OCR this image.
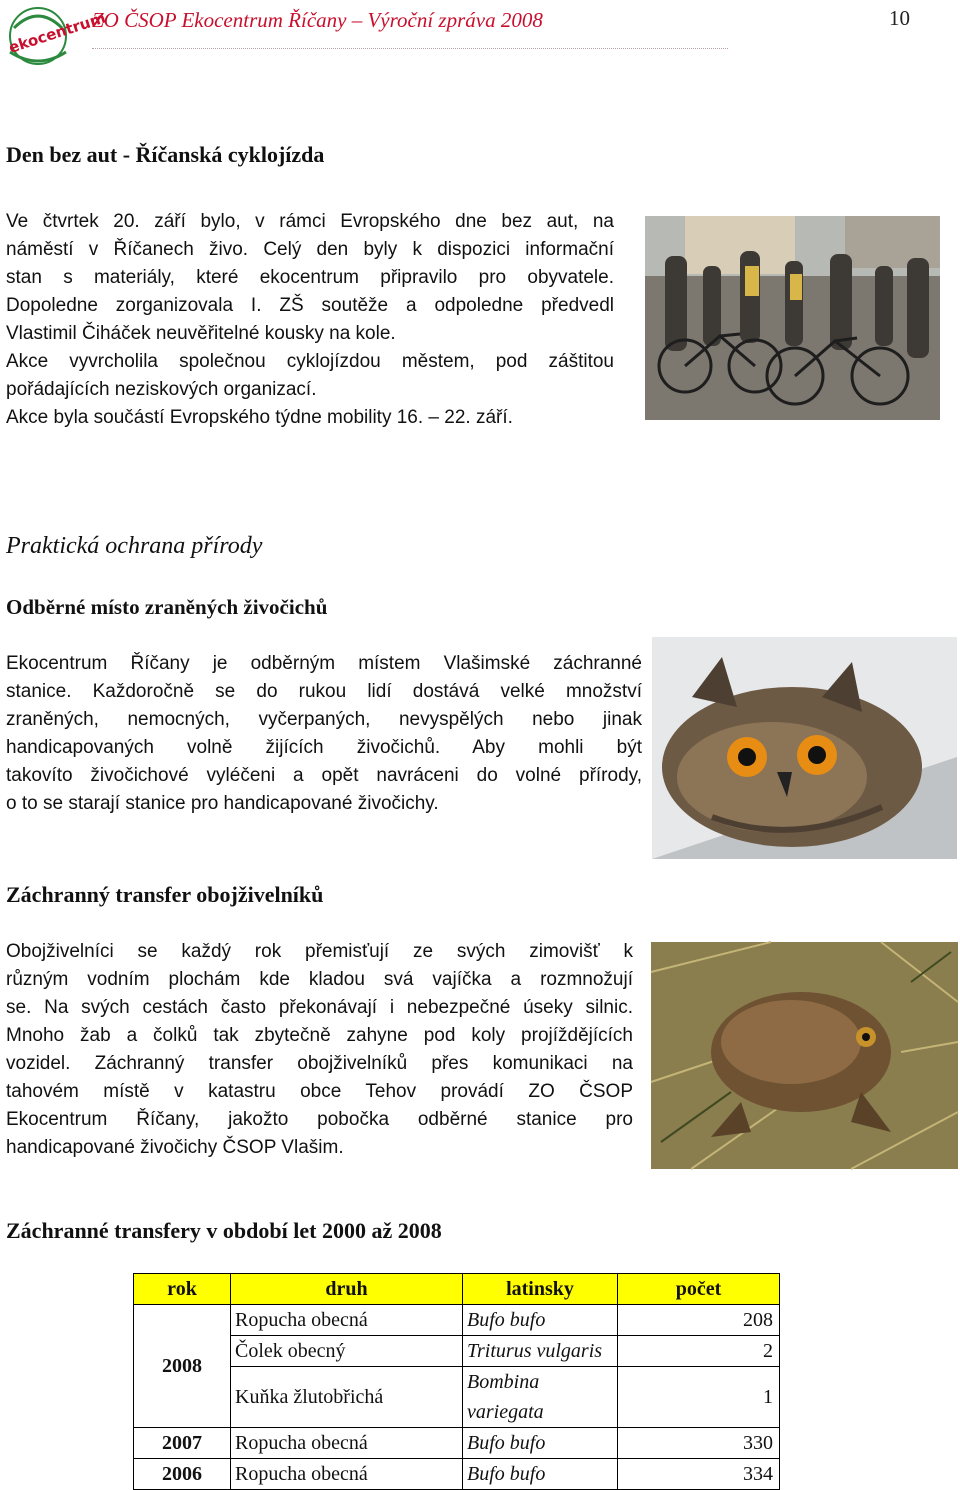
ekocentrum
ZO ČSOP Ekocentrum Říčany – Výroční zpráva 2008	10
Den bez aut - Říčanská cyklojízda
Ve čtvrtek 20. září bylo, v rámci Evropského dne bez aut, na
náměstí v Říčanech živo. Celý den byly k dispozici informační
stan s materiály, které ekocentrum připravilo pro obyvatele.
Dopoledne zorganizovala I. ZŠ soutěže a odpoledne předvedl
Vlastimil Čiháček neuvěřitelné kousky na kole.
Akce vyvrcholila společnou cyklojízdou městem, pod záštitou
pořádajících neziskových organizací.
Akce byla součástí Evropského týdne mobility 16. – 22. září.
Praktická ochrana přírody
Odběrné místo zraněných živočichů
Ekocentrum Říčany je odběrným místem Vlašimské záchranné
stanice. Každoročně se do rukou lidí dostává velké množství
zraněných, nemocných, vyčerpaných, nevyspělých nebo jinak
handicapovaných volně žijících živočichů. Aby mohli být
takovíto živočichové vyléčeni a opět navráceni do volné přírody,
o to se starají stanice pro handicapované živočichy.
Záchranný transfer obojživelníků
Obojživelníci se každý rok přemisťují ze svých zimovišť k
různým vodním plochám kde kladou svá vajíčka a rozmnožují
se. Na svých cestách často překonávají i nebezpečné úseky silnic.
Mnoho žab a čolků tak zbytečně zahyne pod koly projíždějících
vozidel. Záchranný transfer obojživelníků přes komunikaci na
tahovém místě v katastru obce Tehov provádí ZO ČSOP
Ekocentrum Říčany, jakožto pobočka odběrné stanice pro
handicapované živočichy ČSOP Vlašim.
Záchranné transfery v období let 2000 až 2008
rok	druh	latinsky	počet
2008	Ropucha obecná	Bufo bufo	208
	Čolek obecný	Triturus vulgaris	2
	Kuňka žlutobřichá	Bombina variegata	1
2007	Ropucha obecná	Bufo bufo	330
2006	Ropucha obecná	Bufo bufo	334
